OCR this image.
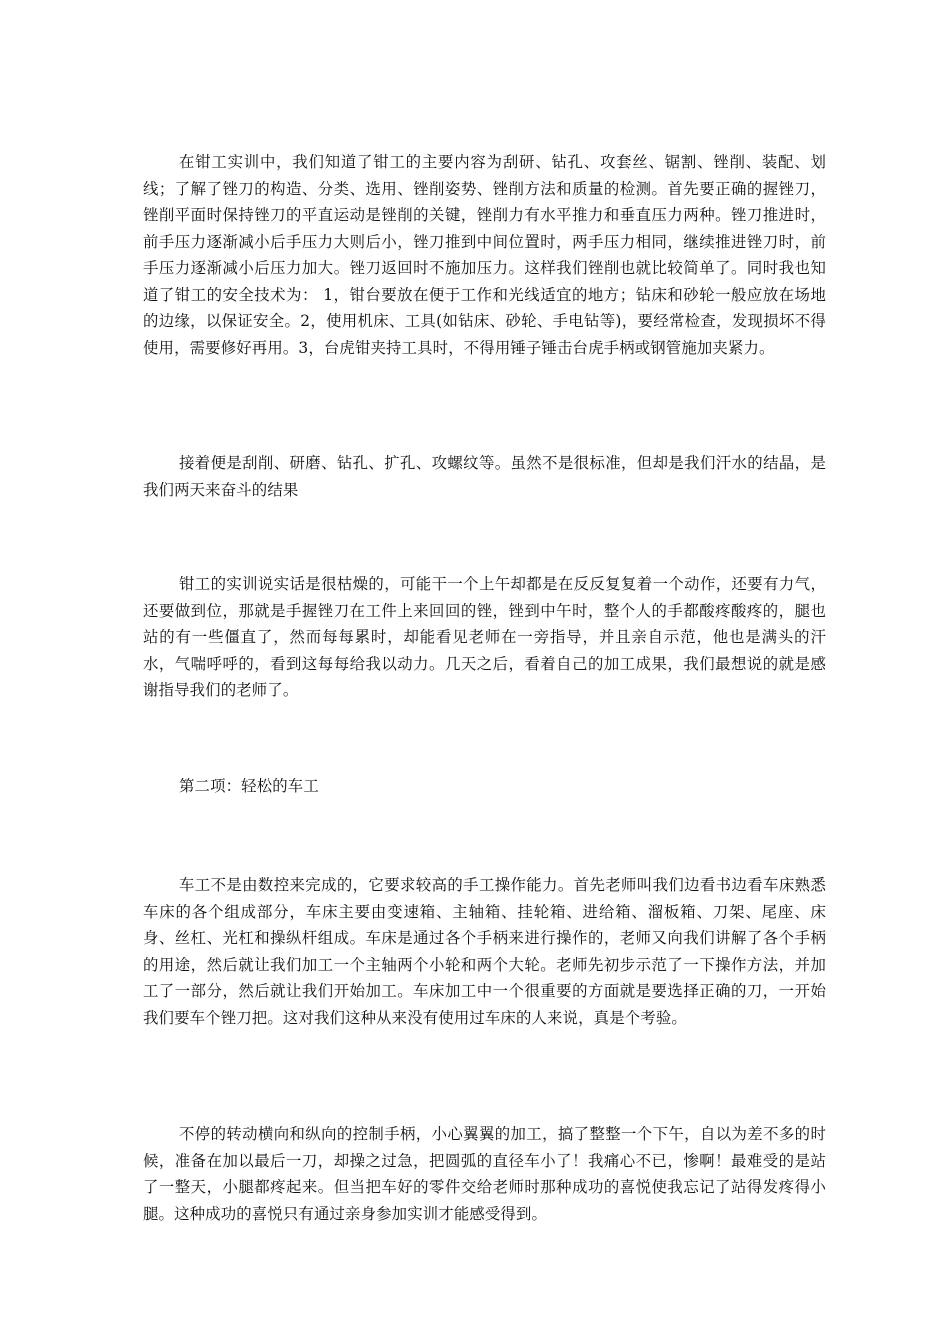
在钳工实训中，我们知道了钳工的主要内容为刮研、钻孔、攻套丝、锯割、锉削、装配、划线；了解了锉刀的构造、分类、选用、锉削姿势、锉削方法和质量的检测。首先要正确的握锉刀，锉削平面时保持锉刀的平直运动是锉削的关键，锉削力有水平推力和垂直压力两种。锉刀推进时，前手压力逐渐减小后手压力大则后小，锉刀推到中间位置时，两手压力相同，继续推进锉刀时，前手压力逐渐减小后压力加大。锉刀返回时不施加压力。这样我们锉削也就比较简单了。同时我也知道了钳工的安全技术为： 1，钳台要放在便于工作和光线适宜的地方；钻床和砂轮一般应放在场地的边缘，以保证安全。2，使用机床、工具(如钻床、砂轮、手电钻等)，要经常检查，发现损坏不得使用，需要修好再用。3，台虎钳夹持工具时，不得用锤子锤击台虎手柄或钢管施加夹紧力。

接着便是刮削、研磨、钻孔、扩孔、攻螺纹等。虽然不是很标准，但却是我们汗水的结晶，是我们两天来奋斗的结果

钳工的实训说实话是很枯燥的，可能干一个上午却都是在反反复复着一个动作，还要有力气，还要做到位，那就是手握锉刀在工件上来回回的锉，锉到中午时，整个人的手都酸疼酸疼的，腿也站的有一些僵直了，然而每每累时，却能看见老师在一旁指导，并且亲自示范，他也是满头的汗水，气喘呼呼的，看到这每每给我以动力。几天之后，看着自己的加工成果，我们最想说的就是感谢指导我们的老师了。

第二项：轻松的车工

车工不是由数控来完成的，它要求较高的手工操作能力。首先老师叫我们边看书边看车床熟悉车床的各个组成部分，车床主要由变速箱、主轴箱、挂轮箱、进给箱、溜板箱、刀架、尾座、床身、丝杠、光杠和操纵杆组成。车床是通过各个手柄来进行操作的，老师又向我们讲解了各个手柄的用途，然后就让我们加工一个主轴两个小轮和两个大轮。老师先初步示范了一下操作方法，并加工了一部分，然后就让我们开始加工。车床加工中一个很重要的方面就是要选择正确的刀，一开始我们要车个锉刀把。这对我们这种从来没有使用过车床的人来说，真是个考验。

不停的转动横向和纵向的控制手柄，小心翼翼的加工，搞了整整一个下午，自以为差不多的时候，准备在加以最后一刀，却操之过急，把圆弧的直径车小了！我痛心不已，惨啊！最难受的是站了一整天，小腿都疼起来。但当把车好的零件交给老师时那种成功的喜悦使我忘记了站得发疼得小腿。这种成功的喜悦只有通过亲身参加实训才能感受得到。
